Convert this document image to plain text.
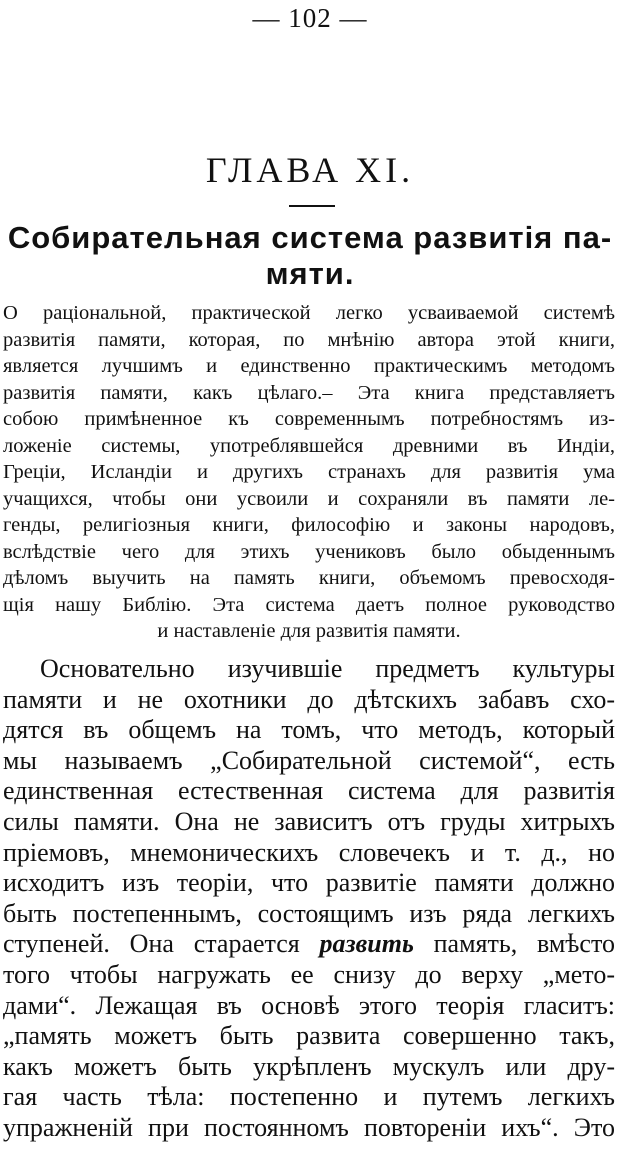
— 102 —
ГЛАВА XI.
Собирательная система развитія па-
мяти.
О раціональной, практической легко усваиваемой системѣ
развитія памяти, которая, по мнѣнію автора этой книги,
является лучшимъ и единственно практическимъ методомъ
развитія памяти, какъ цѣлаго.– Эта книга представляетъ
собою примѣненное къ современнымъ потребностямъ из-
ложеніе системы, употреблявшейся древними въ Индіи,
Греціи, Исландіи и другихъ странахъ для развитія ума
учащихся, чтобы они усвоили и сохраняли въ памяти ле-
генды, религіозныя книги, философію и законы народовъ,
вслѣдствіе чего для этихъ учениковъ было обыденнымъ
дѣломъ выучить на память книги, объемомъ превосходя-
щія нашу Библію. Эта система даетъ полное руководство
и наставленіе для развитія памяти.
Основательно изучившіе предметъ культуры
памяти и не охотники до дѣтскихъ забавъ схо-
дятся въ общемъ на томъ, что методъ, который
мы называемъ „Собирательной системой“, есть
единственная естественная система для развитія
силы памяти. Она не зависитъ отъ груды хитрыхъ
пріемовъ, мнемоническихъ словечекъ и т. д., но
исходитъ изъ теоріи, что развитіе памяти должно
быть постепеннымъ, состоящимъ изъ ряда легкихъ
ступеней. Она старается развить память, вмѣсто
того чтобы нагружать ее снизу до верху „мето-
дами“. Лежащая въ основѣ этого теорія гласитъ:
„память можетъ быть развита совершенно такъ,
какъ можетъ быть укрѣпленъ мускулъ или дру-
гая часть тѣла: постепенно и путемъ легкихъ
упражненій при постоянномъ повтореніи ихъ“. Это
